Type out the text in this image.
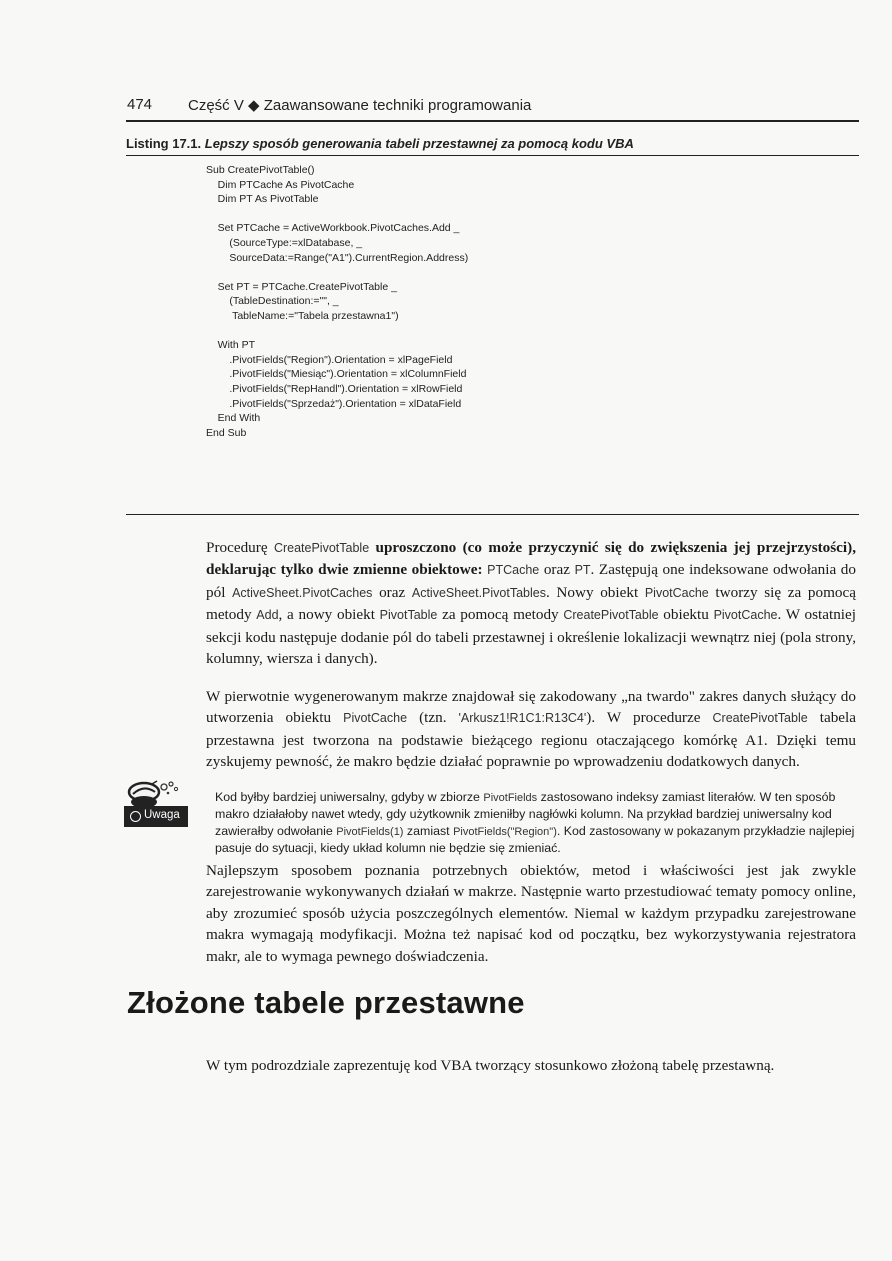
474 Część V ◆ Zaawansowane techniki programowania
Listing 17.1. Lepszy sposób generowania tabeli przestawnej za pomocą kodu VBA
Sub CreatePivotTable()
Dim PTCache As PivotCache
Dim PT As PivotTable

Set PTCache = ActiveWorkbook.PivotCaches.Add _
(SourceType:=xlDatabase, _
SourceData:=Range("A1").CurrentRegion.Address)

Set PT = PTCache.CreatePivotTable _
(TableDestination:="", _
TableName:="Tabela przestawna1")

With PT
.PivotFields("Region").Orientation = xlPageField
.PivotFields("Miesiąc").Orientation = xlColumnField
.PivotFields("RepHandl").Orientation = xlRowField
.PivotFields("Sprzedaż").Orientation = xlDataField
End With
End Sub

Procedurę CreatePivotTable uproszczono (co może przyczynić się do zwiększenia jej przejrzystości), deklarując tylko dwie zmienne obiektowe: PTCache oraz PT. Zastępują one indeksowane odwołania do pól ActiveSheet.PivotCaches oraz ActiveSheet.PivotTables. Nowy obiekt PivotCache tworzy się za pomocą metody Add, a nowy obiekt PivotTable za pomocą metody CreatePivotTable obiektu PivotCache. W ostatniej sekcji kodu następuje dodanie pól do tabeli przestawnej i określenie lokalizacji wewnątrz niej (pola strony, kolumny, wiersza i danych).

W pierwotnie wygenerowanym makrze znajdował się zakodowany „na twardo" zakres danych służący do utworzenia obiektu PivotCache (tzn. 'Arkusz1!R1C1:R13C4'). W procedurze CreatePivotTable tabela przestawna jest tworzona na podstawie bieżącego regionu otaczającego komórkę A1. Dzięki temu zyskujemy pewność, że makro będzie działać poprawnie po wprowadzeniu dodatkowych danych.

Uwaga

Kod byłby bardziej uniwersalny, gdyby w zbiorze PivotFields zastosowano indeksy zamiast literałów. W ten sposób makro działałoby nawet wtedy, gdy użytkownik zmieniłby nagłówki kolumn. Na przykład bardziej uniwersalny kod zawierałby odwołanie PivotFields(1) zamiast PivotFields("Region"). Kod zastosowany w pokazanym przykładzie najlepiej pasuje do sytuacji, kiedy układ kolumn nie będzie się zmieniać.

Najlepszym sposobem poznania potrzebnych obiektów, metod i właściwości jest jak zwykle zarejestrowanie wykonywanych działań w makrze. Następnie warto przestudiować tematy pomocy online, aby zrozumieć sposób użycia poszczególnych elementów. Niemal w każdym przypadku zarejestrowane makra wymagają modyfikacji. Można też napisać kod od początku, bez wykorzystywania rejestratora makr, ale to wymaga pewnego doświadczenia.

Złożone tabele przestawne

W tym podrozdziale zaprezentuję kod VBA tworzący stosunkowo złożoną tabelę przestawną.
